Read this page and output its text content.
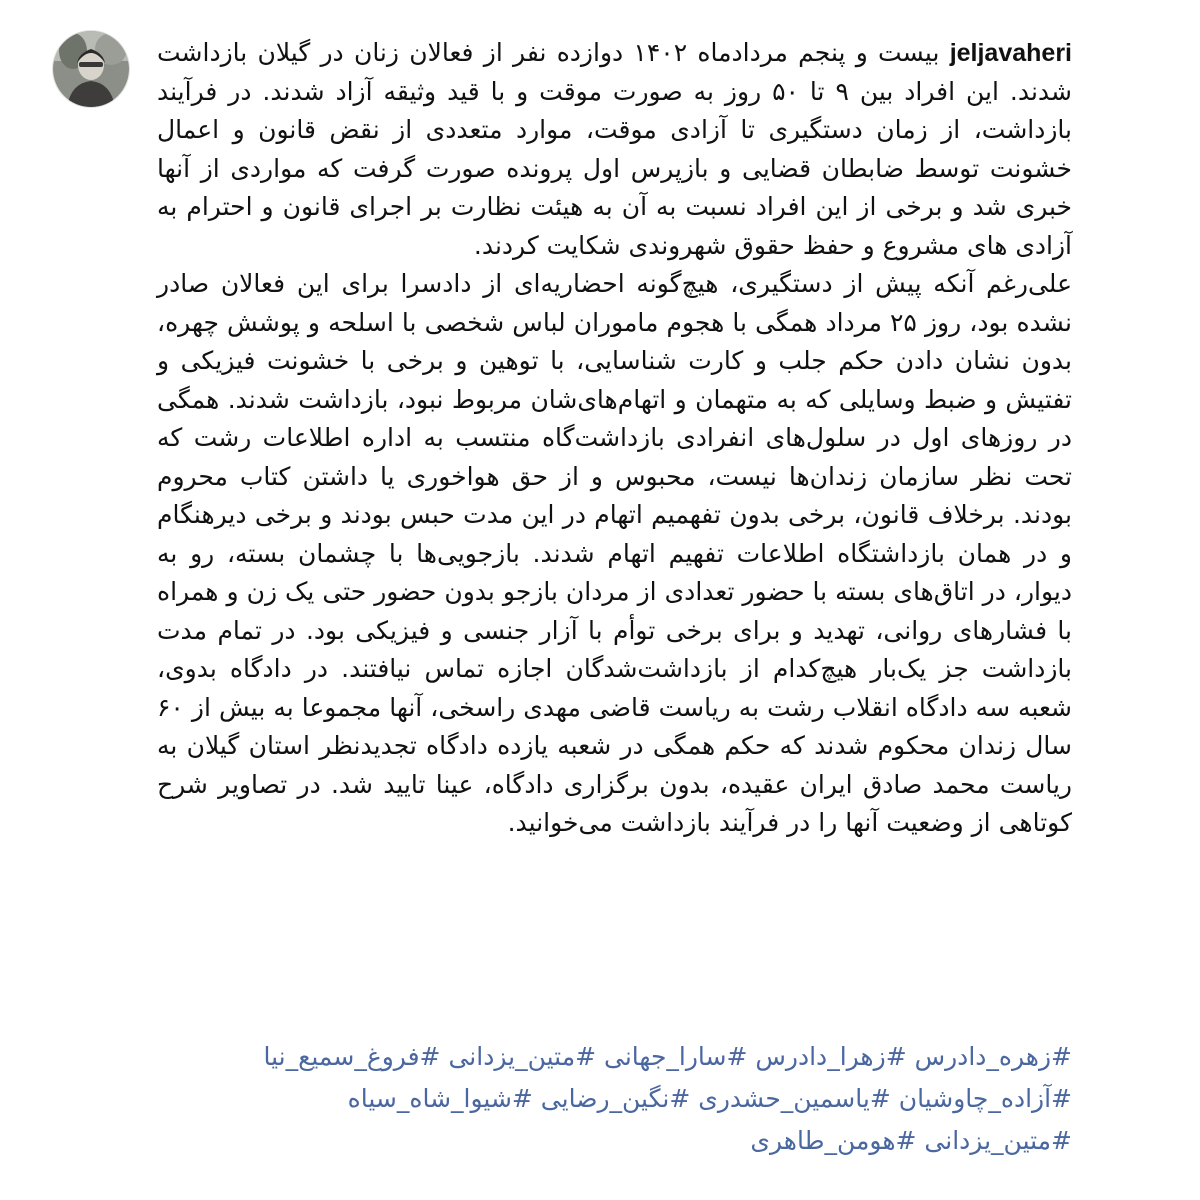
jeljavaheri بیست و پنجم مردادماه ۱۴۰۲ دوازده نفر از فعالان زنان در گیلان بازداشت شدند. این افراد بین ۹ تا ۵۰ روز به صورت موقت و با قید وثیقه آزاد شدند. در فرآیند بازداشت، از زمان دستگیری تا آزادی موقت، موارد متعددی از نقض قانون و اعمال خشونت توسط ضابطان قضایی و بازپرس اول پرونده صورت گرفت که مواردی از آنها خبری شد و برخی از این افراد نسبت به آن به هیئت نظارت بر اجرای قانون و احترام به آزادی های مشروع و حفظ حقوق شهروندی شکایت کردند.

علی‌رغم آنکه پیش از دستگیری، هیچ‌گونه احضاریه‌ای از دادسرا برای این فعالان صادر نشده بود، روز ۲۵ مرداد همگی با هجوم ماموران لباس شخصی با اسلحه و پوشش چهره، بدون نشان دادن حکم جلب و کارت شناسایی، با توهین و برخی با خشونت فیزیکی و تفتیش و ضبط وسایلی که به متهمان و اتهام‌های‌شان مربوط نبود، بازداشت شدند. همگی در روزهای اول در سلول‌های انفرادی بازداشت‌گاه منتسب به اداره اطلاعات رشت که تحت نظر سازمان زندان‌ها نیست، محبوس و از حق هواخوری یا داشتن کتاب محروم بودند. برخلاف قانون، برخی بدون تفهمیم اتهام در این مدت حبس بودند و برخی دیرهنگام و در همان بازداشتگاه اطلاعات تفهیم اتهام شدند. بازجویی‌ها با چشمان بسته، رو به دیوار، در اتاق‌های بسته با حضور تعدادی از مردان بازجو بدون حضور حتی یک زن و همراه با فشارهای روانی، تهدید و برای برخی توأم با آزار جنسی و فیزیکی بود. در تمام مدت بازداشت جز یک‌بار هیچ‌کدام از بازداشت‌شدگان اجازه تماس نیافتند. در دادگاه بدوی، شعبه سه دادگاه انقلاب رشت به ریاست قاضی مهدی راسخی، آنها مجموعا به بیش از ۶۰ سال زندان محکوم شدند که حکم همگی در شعبه یازده دادگاه تجدیدنظر استان گیلان به ریاست محمد صادق ایران عقیده، بدون برگزاری دادگاه، عینا تایید شد. در تصاویر شرح کوتاهی از وضعیت آنها را در فرآیند بازداشت می‌خوانید.

#زهره_دادرس #زهرا_دادرس #سارا_جهانی #متین_یزدانی #فروغ_سمیع_نیا
#آزاده_چاوشیان #یاسمین_حشدری #نگین_رضایی #شیوا_شاه_سیاه
#متین_یزدانی #هومن_طاهری
